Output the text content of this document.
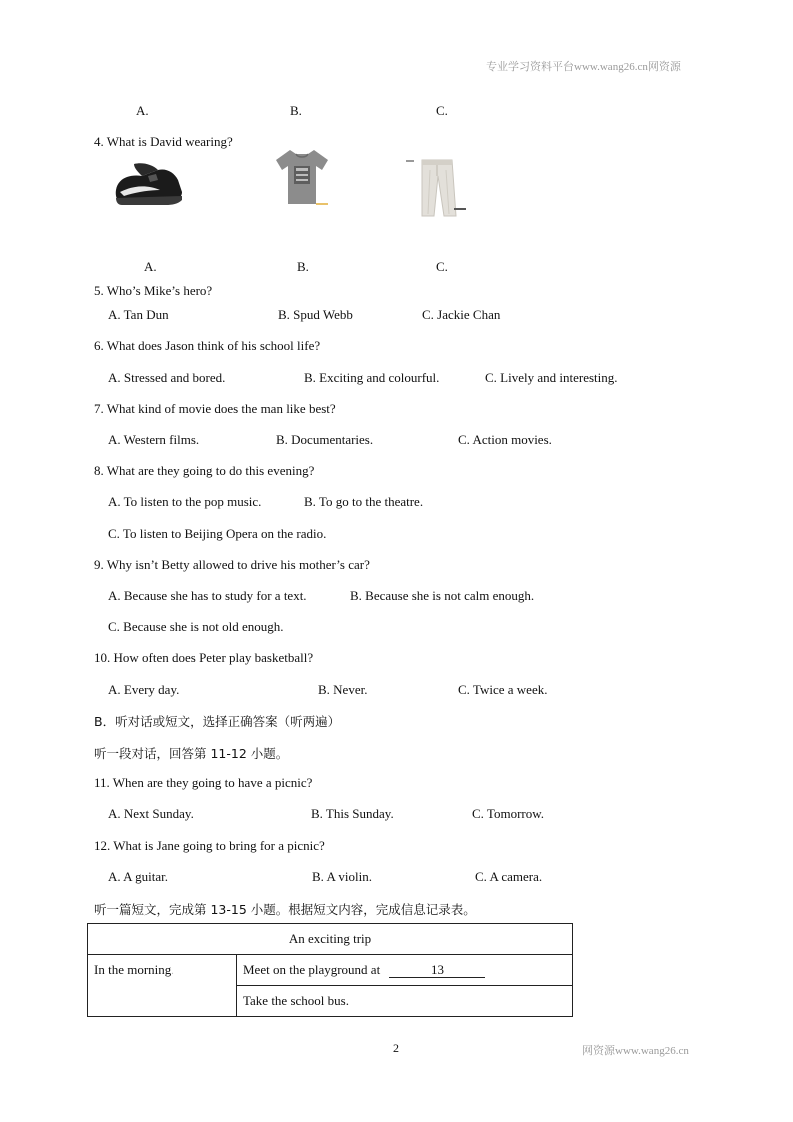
专业学习资料平台www.wang26.cn网资源
A.	B.	C.
4. What is David wearing?
A.	B.	C.
5. Who’s Mike’s hero?
A. Tan Dun	B. Spud Webb	C. Jackie Chan
6. What does Jason think of his school life?
A. Stressed and bored.	B. Exciting and colourful.	C. Lively and interesting.
7. What kind of movie does the man like best?
A. Western films.	B. Documentaries.	C. Action movies.
8. What are they going to do this evening?
A. To listen to the pop music.	B. To go to the theatre.
C. To listen to Beijing Opera on the radio.
9. Why isn’t Betty allowed to drive his mother’s car?
A. Because she has to study for a text.	B. Because she is not calm enough.
C. Because she is not old enough.
10. How often does Peter play basketball?
A. Every day.	B. Never.	C. Twice a week.
B．听对话或短文，选择正确答案（听两遍）
听一段对话，回答第 11-12 小题。
11. When are they going to have a picnic?
A. Next Sunday.	B. This Sunday.	C. Tomorrow.
12. What is Jane going to bring for a picnic?
A. A guitar.	B. A violin.	C. A camera.
听一篇短文，完成第 13-15 小题。根据短文内容，完成信息记录表。
An exciting trip
In the morning.	Meet on the playground at	13
Take the school bus.
2	网资源www.wang26.cn
